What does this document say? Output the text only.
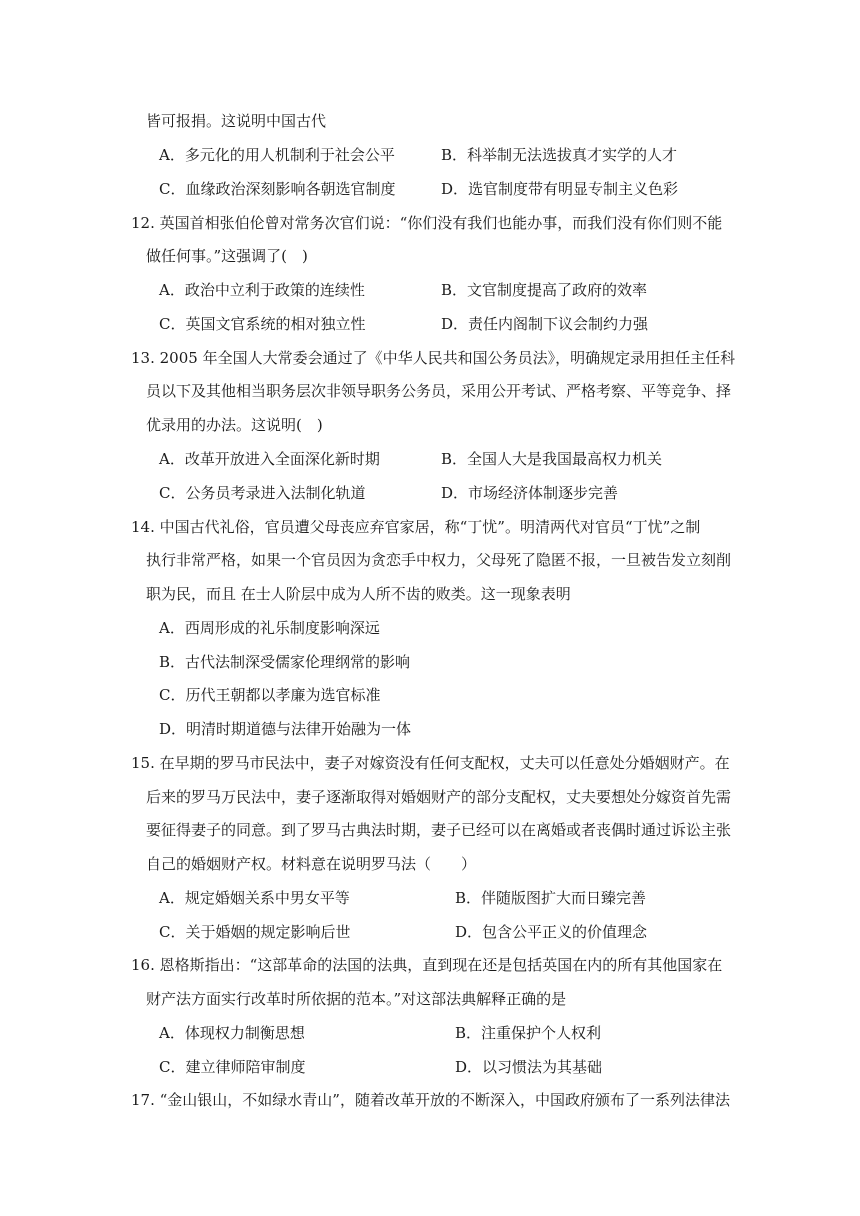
皆可报捐。这说明中国古代
A．多元化的用人机制利于社会公平	B．科举制无法选拔真才实学的人才
C．血缘政治深刻影响各朝选官制度	D．选官制度带有明显专制主义色彩
12. 英国首相张伯伦曾对常务次官们说：“你们没有我们也能办事，而我们没有你们则不能
做任何事。”这强调了(　)
A．政治中立利于政策的连续性	B．文官制度提高了政府的效率
C．英国文官系统的相对独立性	D．责任内阁制下议会制约力强
13. 2005 年全国人大常委会通过了《中华人民共和国公务员法》，明确规定录用担任主任科
员以下及其他相当职务层次非领导职务公务员，采用公开考试、严格考察、平等竞争、择
优录用的办法。这说明(　)
A．改革开放进入全面深化新时期	B．全国人大是我国最高权力机关
C．公务员考录进入法制化轨道	D．市场经济体制逐步完善
14. 中国古代礼俗，官员遭父母丧应弃官家居，称“丁忧”。明清两代对官员“丁忧”之制
执行非常严格，如果一个官员因为贪恋手中权力，父母死了隐匿不报，一旦被告发立刻削
职为民，而且 在士人阶层中成为人所不齿的败类。这一现象表明
A．西周形成的礼乐制度影响深远
B．古代法制深受儒家伦理纲常的影响
C．历代王朝都以孝廉为选官标准
D．明清时期道德与法律开始融为一体
15. 在早期的罗马市民法中，妻子对嫁资没有任何支配权，丈夫可以任意处分婚姻财产。在
后来的罗马万民法中，妻子逐渐取得对婚姻财产的部分支配权，丈夫要想处分嫁资首先需
要征得妻子的同意。到了罗马古典法时期，妻子已经可以在离婚或者丧偶时通过诉讼主张
自己的婚姻财产权。材料意在说明罗马法（　　）
A．规定婚姻关系中男女平等	B．伴随版图扩大而日臻完善
C．关于婚姻的规定影响后世	D．包含公平正义的价值理念
16. 恩格斯指出：“这部革命的法国的法典，直到现在还是包括英国在内的所有其他国家在
财产法方面实行改革时所依据的范本。”对这部法典解释正确的是
A．体现权力制衡思想	B．注重保护个人权利
C．建立律师陪审制度	D．以习惯法为其基础
17. “金山银山，不如绿水青山”，随着改革开放的不断深入，中国政府颁布了一系列法律法
